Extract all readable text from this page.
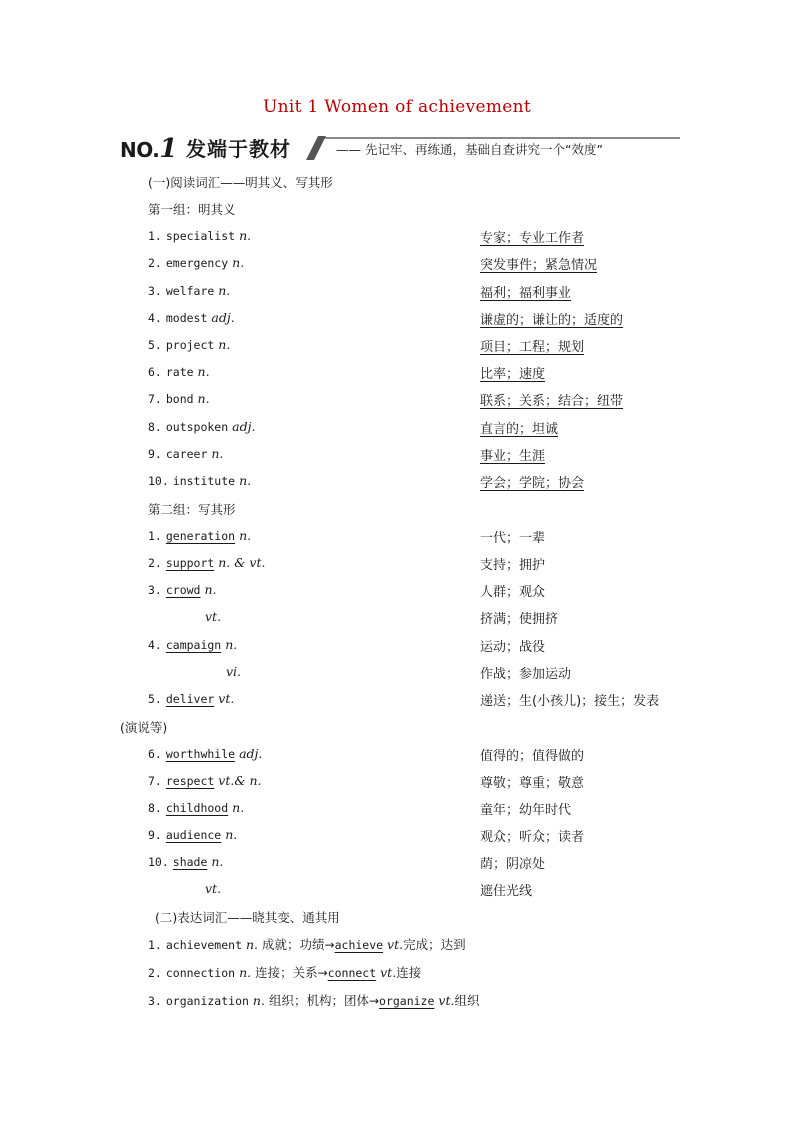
Unit 1 Women of achievement
NO.1 发端于教材	—— 先记牢、再练通，基础自查讲究一个“效度”
(一)阅读词汇——明其义、写其形
第一组：明其义
1. specialist n.	专家；专业工作者
2. emergency n.	突发事件；紧急情况
3. welfare n.	福利；福利事业
4. modest adj.	谦虚的；谦让的；适度的
5. project n.	项目；工程；规划
6. rate n.	比率；速度
7. bond n.	联系；关系；结合；纽带
8. outspoken adj.	直言的；坦诚
9. career n.	事业；生涯
10. institute n.	学会；学院；协会
第二组：写其形
1. generation n.	一代；一辈
2. support n. & vt.	支持；拥护
3. crowd n.	人群；观众
vt.	挤满；使拥挤
4. campaign n.	运动；战役
vi.	作战；参加运动
5. deliver vt.	递送；生(小孩儿)；接生；发表
(演说等)
6. worthwhile adj.	值得的；值得做的
7. respect vt.& n.	尊敬；尊重；敬意
8. childhood n.	童年；幼年时代
9. audience n.	观众；听众；读者
10. shade n.	荫；阴凉处
vt.	遮住光线
(二)表达词汇——晓其变、通其用
1. achievement n. 成就；功绩→achieve vt.完成；达到
2. connection n. 连接；关系→connect vt.连接
3. organization n. 组织；机构；团体→organize vt.组织
